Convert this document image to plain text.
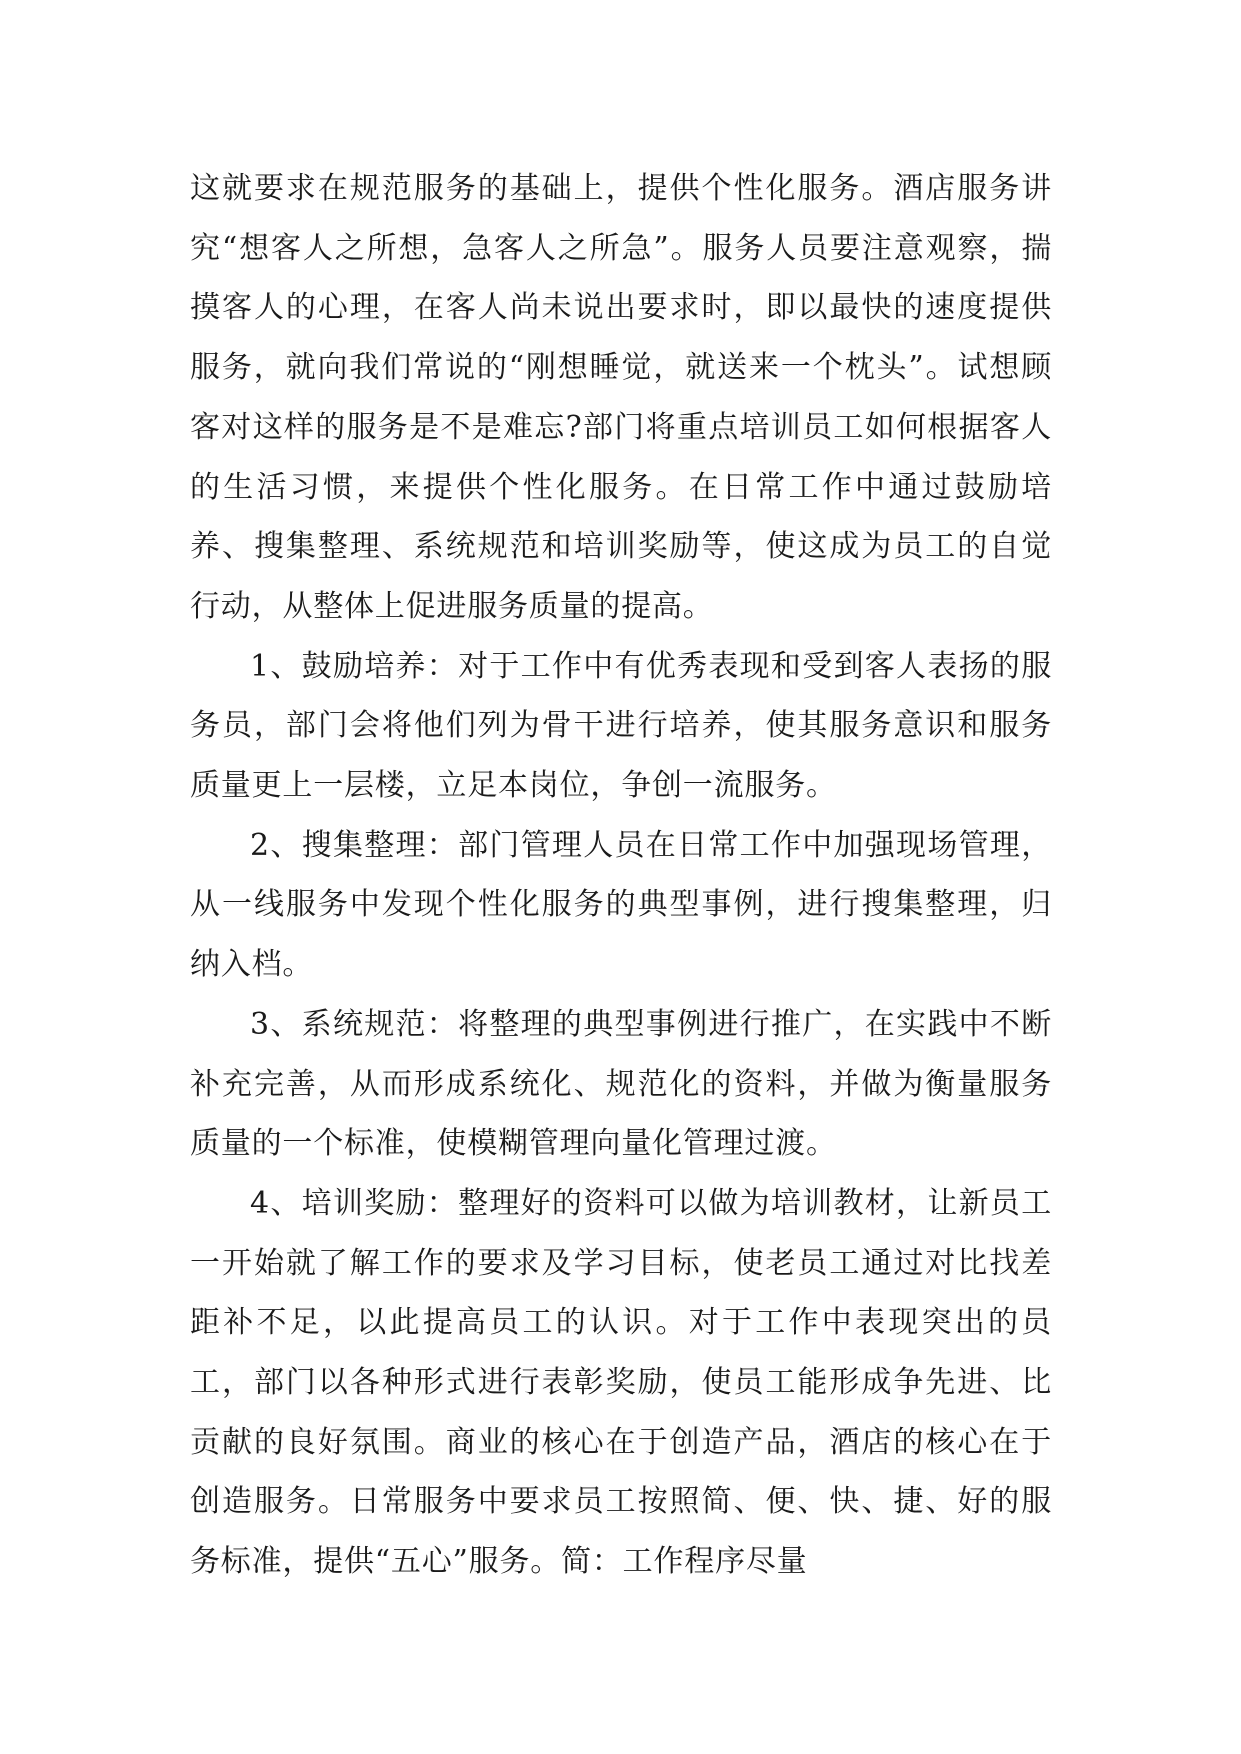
这就要求在规范服务的基础上，提供个性化服务。酒店服务讲究“想客人之所想，急客人之所急”。服务人员要注意观察，揣摸客人的心理，在客人尚未说出要求时，即以最快的速度提供服务，就向我们常说的“刚想睡觉，就送来一个枕头”。试想顾客对这样的服务是不是难忘?部门将重点培训员工如何根据客人的生活习惯，来提供个性化服务。在日常工作中通过鼓励培养、搜集整理、系统规范和培训奖励等，使这成为员工的自觉行动，从整体上促进服务质量的提高。

1、鼓励培养：对于工作中有优秀表现和受到客人表扬的服务员，部门会将他们列为骨干进行培养，使其服务意识和服务质量更上一层楼，立足本岗位，争创一流服务。

2、搜集整理：部门管理人员在日常工作中加强现场管理，从一线服务中发现个性化服务的典型事例，进行搜集整理，归纳入档。

3、系统规范：将整理的典型事例进行推广，在实践中不断补充完善，从而形成系统化、规范化的资料，并做为衡量服务质量的一个标准，使模糊管理向量化管理过渡。

4、培训奖励：整理好的资料可以做为培训教材，让新员工一开始就了解工作的要求及学习目标，使老员工通过对比找差距补不足，以此提高员工的认识。对于工作中表现突出的员工，部门以各种形式进行表彰奖励，使员工能形成争先进、比贡献的良好氛围。商业的核心在于创造产品，酒店的核心在于创造服务。日常服务中要求员工按照简、便、快、捷、好的服务标准，提供“五心”服务。简：工作程序尽量
